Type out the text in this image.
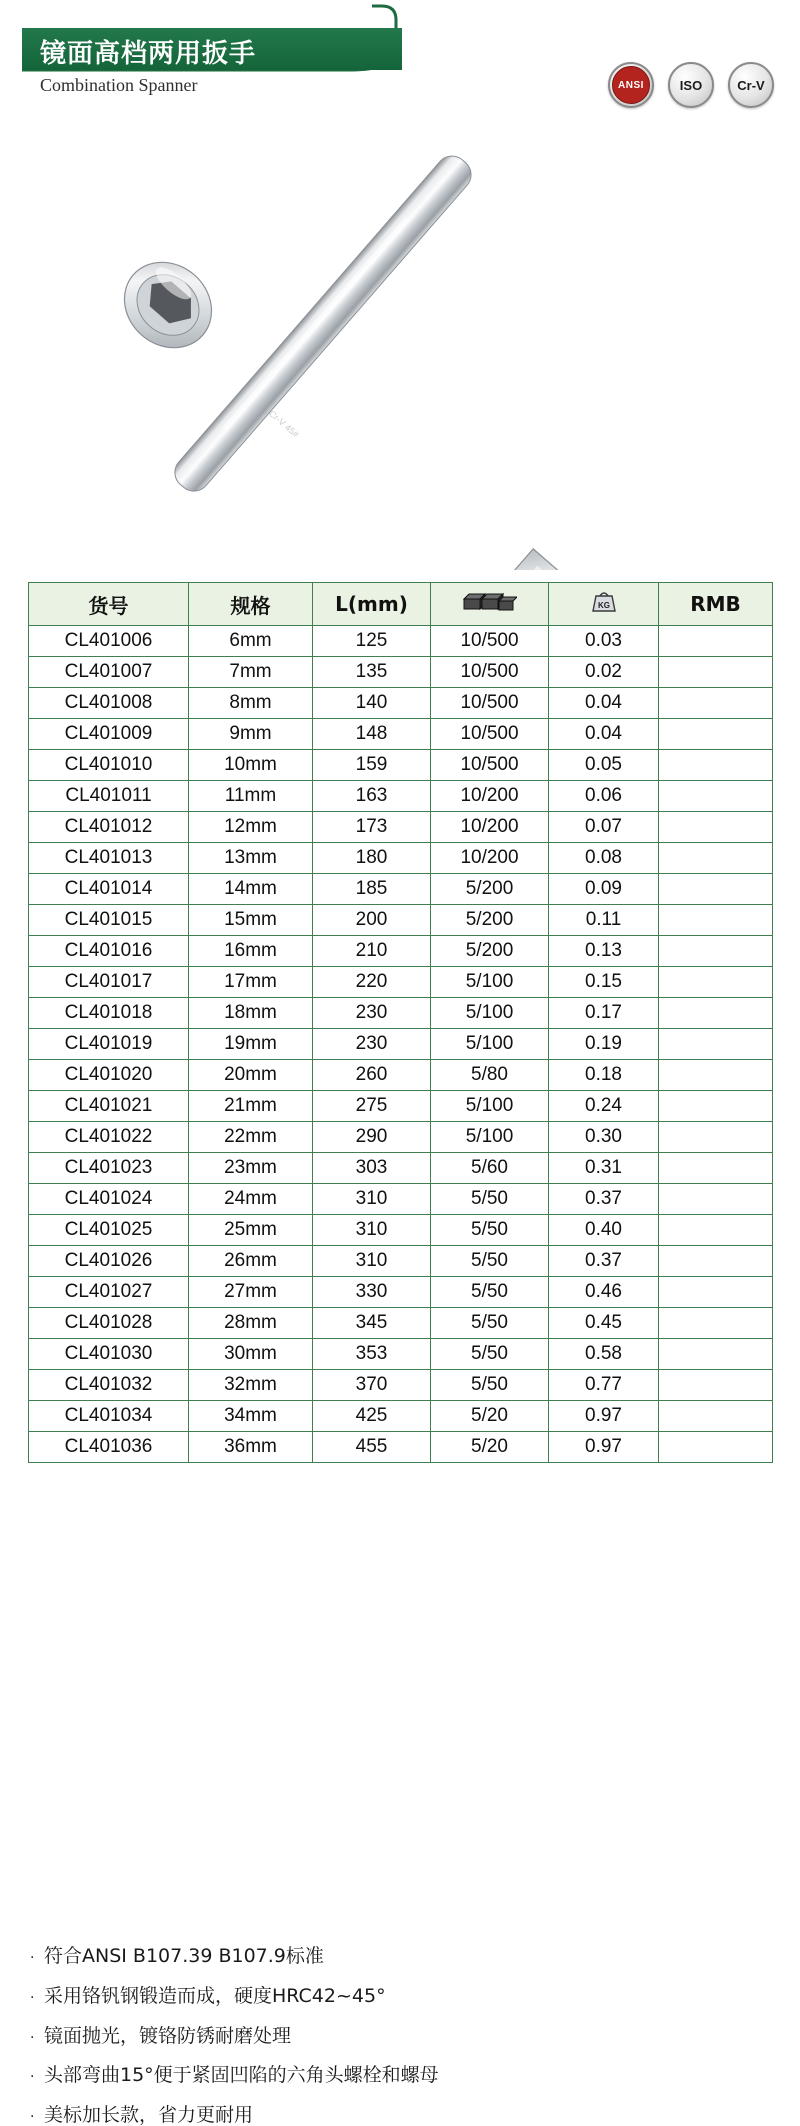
镜面高档两用扳手
Combination Spanner	ANSI	ISO	Cr-V
Cr-V 45#
货号	规格	L(mm)		KG	RMB
CL401006	6mm	125	10/500	0.03	
CL401007	7mm	135	10/500	0.02	
CL401008	8mm	140	10/500	0.04	
CL401009	9mm	148	10/500	0.04	
CL401010	10mm	159	10/500	0.05	
CL401011	11mm	163	10/200	0.06	
CL401012	12mm	173	10/200	0.07	
CL401013	13mm	180	10/200	0.08	
CL401014	14mm	185	5/200	0.09	
CL401015	15mm	200	5/200	0.11	
CL401016	16mm	210	5/200	0.13	
CL401017	17mm	220	5/100	0.15	
CL401018	18mm	230	5/100	0.17	
CL401019	19mm	230	5/100	0.19	
CL401020	20mm	260	5/80	0.18	
CL401021	21mm	275	5/100	0.24	
CL401022	22mm	290	5/100	0.30	
CL401023	23mm	303	5/60	0.31	
CL401024	24mm	310	5/50	0.37	
CL401025	25mm	310	5/50	0.40	
CL401026	26mm	310	5/50	0.37	
CL401027	27mm	330	5/50	0.46	
CL401028	28mm	345	5/50	0.45	
CL401030	30mm	353	5/50	0.58	
CL401032	32mm	370	5/50	0.77	
CL401034	34mm	425	5/20	0.97	
CL401036	36mm	455	5/20	0.97	
· 符合ANSI B107.39 B107.9标准
· 采用铬钒钢锻造而成，硬度HRC42~45°
· 镜面抛光，镀铬防锈耐磨处理
· 头部弯曲15°便于紧固凹陷的六角头螺栓和螺母
· 美标加长款，省力更耐用
